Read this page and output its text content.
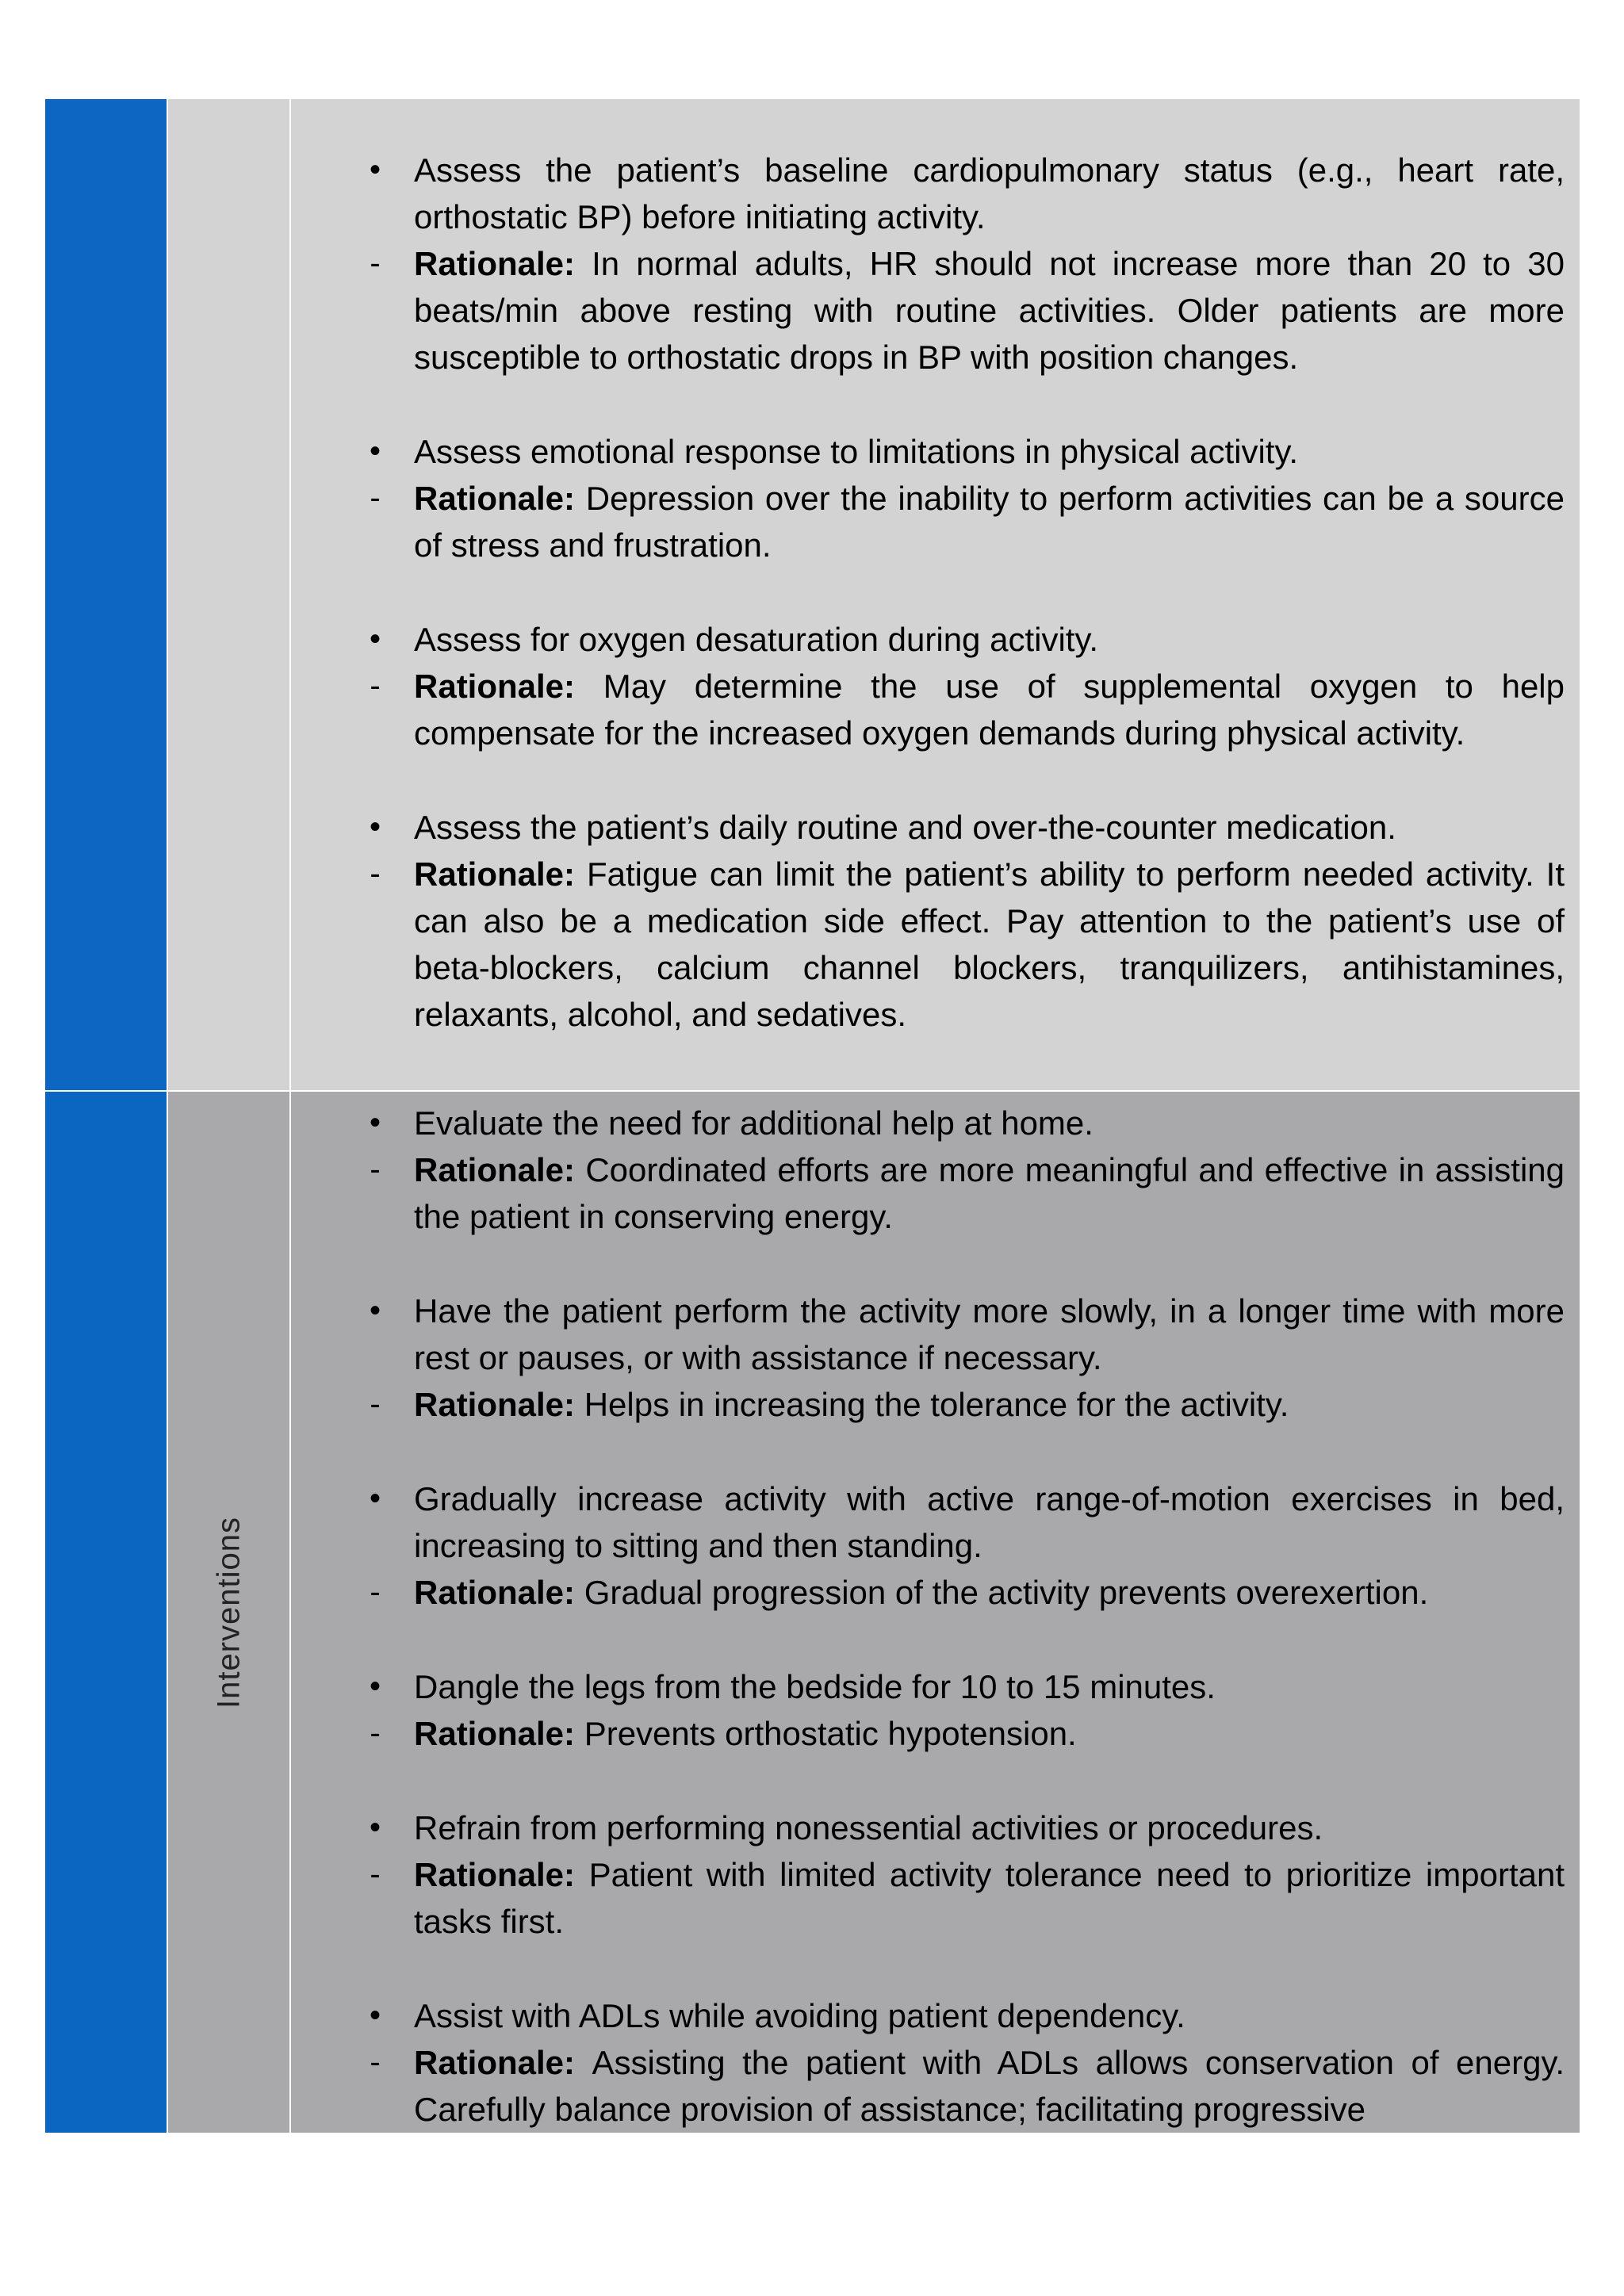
• Assess the patient’s baseline cardiopulmonary status (e.g., heart rate, orthostatic BP) before initiating activity.
- Rationale: In normal adults, HR should not increase more than 20 to 30 beats/min above resting with routine activities. Older patients are more susceptible to orthostatic drops in BP with position changes.
• Assess emotional response to limitations in physical activity.
- Rationale: Depression over the inability to perform activities can be a source of stress and frustration.
• Assess for oxygen desaturation during activity.
- Rationale: May determine the use of supplemental oxygen to help compensate for the increased oxygen demands during physical activity.
• Assess the patient’s daily routine and over-the-counter medication.
- Rationale: Fatigue can limit the patient’s ability to perform needed activity. It can also be a medication side effect. Pay attention to the patient’s use of beta-blockers, calcium channel blockers, tranquilizers, antihistamines, relaxants, alcohol, and sedatives.
Interventions
• Evaluate the need for additional help at home.
- Rationale: Coordinated efforts are more meaningful and effective in assisting the patient in conserving energy.
• Have the patient perform the activity more slowly, in a longer time with more rest or pauses, or with assistance if necessary.
- Rationale: Helps in increasing the tolerance for the activity.
• Gradually increase activity with active range-of-motion exercises in bed, increasing to sitting and then standing.
- Rationale: Gradual progression of the activity prevents overexertion.
• Dangle the legs from the bedside for 10 to 15 minutes.
- Rationale: Prevents orthostatic hypotension.
• Refrain from performing nonessential activities or procedures.
- Rationale: Patient with limited activity tolerance need to prioritize important tasks first.
• Assist with ADLs while avoiding patient dependency.
- Rationale: Assisting the patient with ADLs allows conservation of energy. Carefully balance provision of assistance; facilitating progressive
